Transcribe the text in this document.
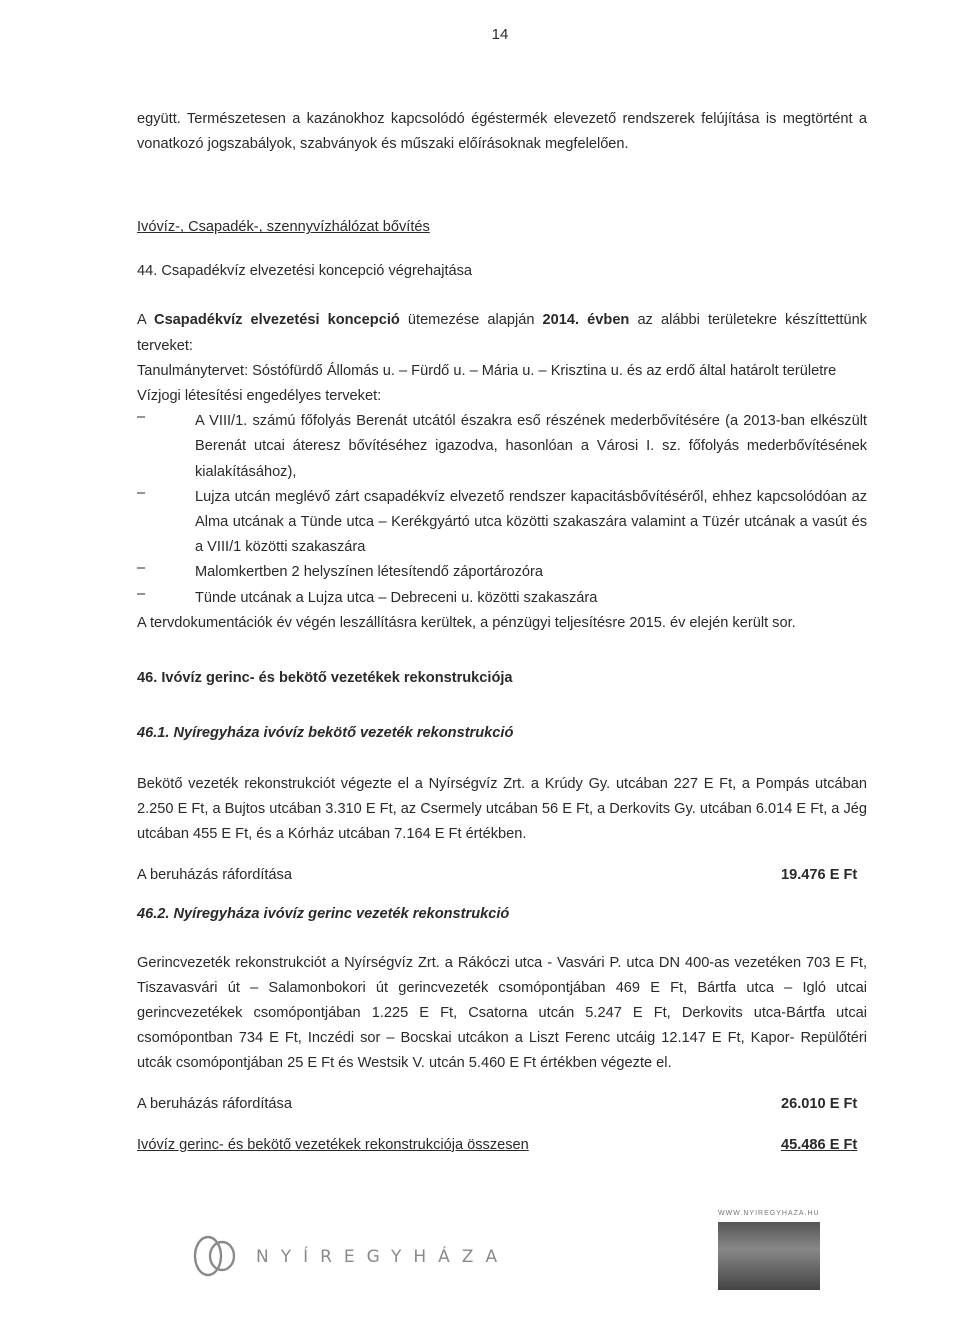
14

együtt. Természetesen a kazánokhoz kapcsolódó égéstermék elevezető rendszerek felújítása is megtörtént a vonatkozó jogszabályok, szabványok és műszaki előírásoknak megfelelően.

Ivóvíz-, Csapadék-, szennyvízhálózat bővítés

44. Csapadékvíz elvezetési koncepció végrehajtása

A Csapadékvíz elvezetési koncepció ütemezése alapján 2014. évben az alábbi területekre készíttettünk terveket:

Tanulmánytervet: Sóstófürdő Állomás u. – Fürdő u. – Mária u. – Krisztina u. és az erdő által határolt területre

Vízjogi létesítési engedélyes terveket:

–	A VIII/1. számú főfolyás Berenát utcától északra eső részének mederbővítésére (a 2013-ban elkészült Berenát utcai áteresz bővítéséhez igazodva, hasonlóan a Városi I. sz. főfolyás mederbővítésének kialakításához),

–	Lujza utcán meglévő zárt csapadékvíz elvezető rendszer kapacitásbővítéséről, ehhez kapcsolódóan az Alma utcának a Tünde utca – Kerékgyártó utca közötti szakaszára valamint a Tüzér utcának a vasút és a VIII/1 közötti szakaszára

–	Malomkertben 2 helyszínen létesítendő záportározóra

–	Tünde utcának a Lujza utca – Debreceni u. közötti szakaszára

A tervdokumentációk év végén leszállításra kerültek, a pénzügyi teljesítésre 2015. év elején került sor.

46. Ivóvíz gerinc- és bekötő vezetékek rekonstrukciója

46.1. Nyíregyháza ivóvíz bekötő vezeték rekonstrukció

Bekötő vezeték rekonstrukciót végezte el a Nyírségvíz Zrt. a Krúdy Gy. utcában 227 E Ft, a Pompás utcában 2.250 E Ft, a Bujtos utcában 3.310 E Ft, az Csermely utcában 56 E Ft, a Derkovits Gy. utcában 6.014 E Ft, a Jég utcában 455 E Ft, és a Kórház utcában 7.164 E Ft értékben.

A beruházás ráfordítása	19.476 E Ft

46.2. Nyíregyháza ivóvíz gerinc vezeték rekonstrukció

Gerincvezeték rekonstrukciót a Nyírségvíz Zrt. a Rákóczi utca - Vasvári P. utca DN 400-as vezetéken 703 E Ft, Tiszavasvári út – Salamonbokori út gerincvezeték csomópontjában 469 E Ft, Bártfa utca – Igló utcai gerincvezetékek csomópontjában 1.225 E Ft, Csatorna utcán 5.247 E Ft, Derkovits utca-Bártfa utcai csomópontban 734 E Ft, Inczédi sor – Bocskai utcákon a Liszt Ferenc utcáig 12.147 E Ft, Kapor- Repülőtéri utcák csomópontjában 25 E Ft és Westsik V. utcán 5.460 E Ft értékben végezte el.

A beruházás ráfordítása	26.010 E Ft
Ivóvíz gerinc- és bekötő vezetékek rekonstrukciója összesen	45.486 E Ft
WWW.NYIREGYHAZA.HU
NYÍREGYHÁZA
